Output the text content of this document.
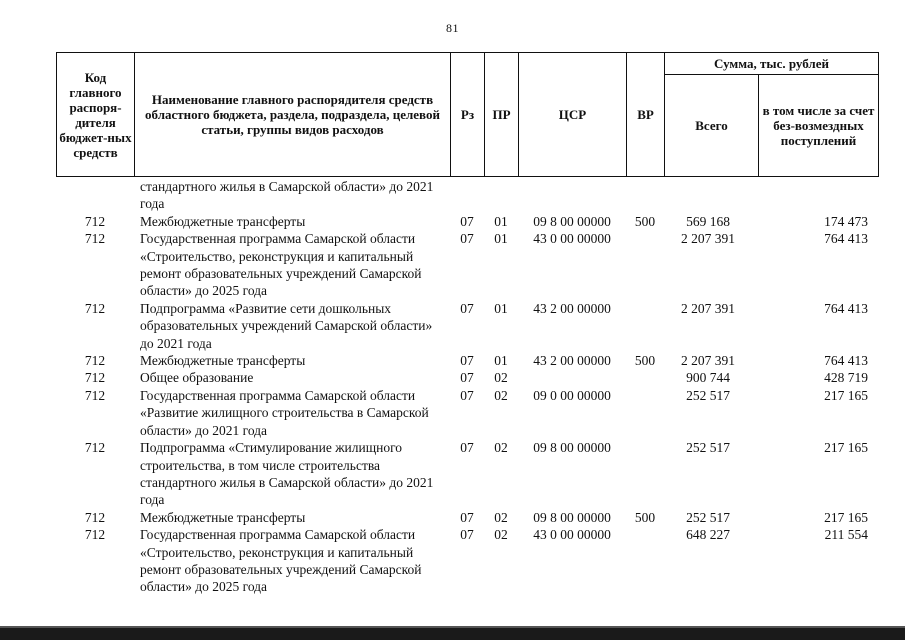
81
Код главного распоря-дителя бюджет-ных средств	Наименование главного распорядителя средств областного бюджета, раздела, подраздела, целевой статьи, группы видов расходов	Рз	ПР	ЦСР	ВР	Сумма, тыс. рублей	
						Всего	в том числе за счет без-возмездных поступлений
	стандартного жилья в Самарской области» до 2021 года						
712	Межбюджетные трансферты	07	01	09 8 00 00000	500	569 168	174 473
712	Государственная программа Самарской области «Строительство, реконструкция и капитальный ремонт образовательных учреждений Самарской области» до 2025 года	07	01	43 0 00 00000		2 207 391	764 413
712	Подпрограмма «Развитие сети дошкольных образовательных учреждений Самарской области» до 2021 года	07	01	43 2 00 00000		2 207 391	764 413
712	Межбюджетные трансферты	07	01	43 2 00 00000	500	2 207 391	764 413
712	Общее образование	07	02			900 744	428 719
712	Государственная программа Самарской области «Развитие жилищного строительства в Самарской области» до 2021 года	07	02	09 0 00 00000		252 517	217 165
712	Подпрограмма «Стимулирование жилищного строительства, в том числе строительства стандартного жилья в Самарской области» до 2021 года	07	02	09 8 00 00000		252 517	217 165
712	Межбюджетные трансферты	07	02	09 8 00 00000	500	252 517	217 165
712	Государственная программа Самарской области «Строительство, реконструкция и капитальный ремонт образовательных учреждений Самарской области» до 2025 года	07	02	43 0 00 00000		648 227	211 554
